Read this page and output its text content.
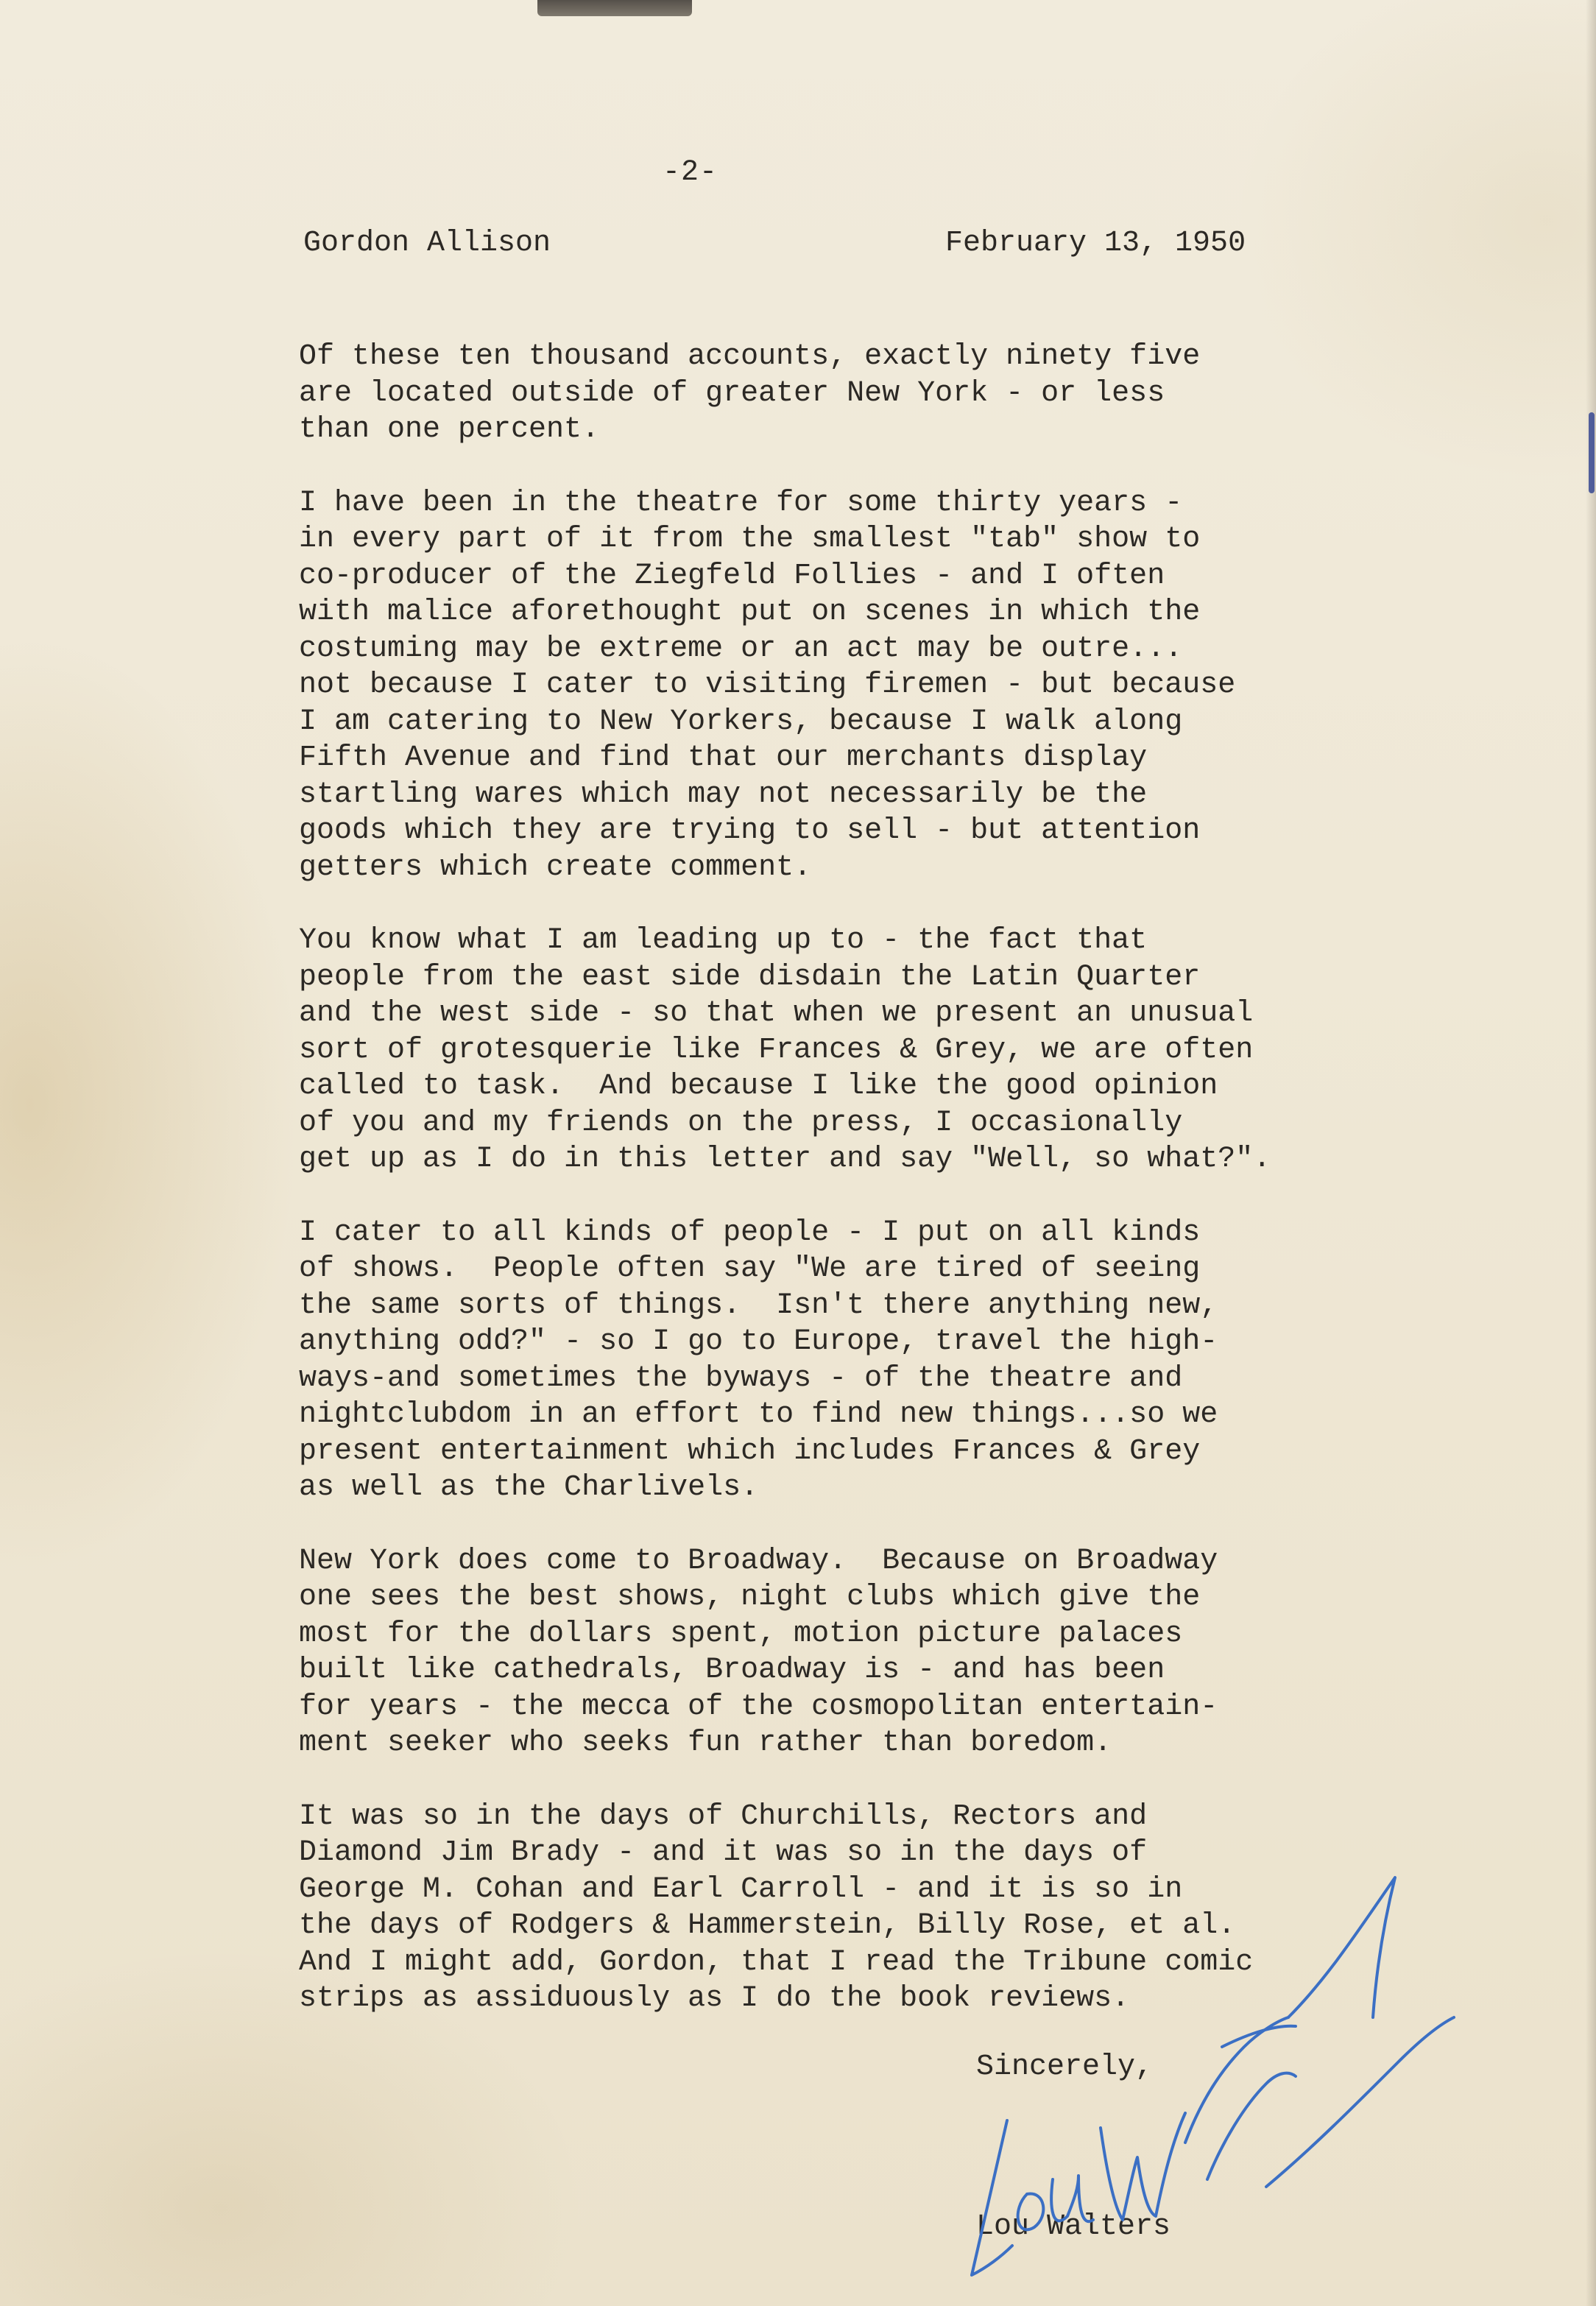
-2-
Gordon Allison	February 13, 1950
Of these ten thousand accounts, exactly ninety five
are located outside of greater New York - or less
than one percent.
I have been in the theatre for some thirty years -
in every part of it from the smallest "tab" show to
co-producer of the Ziegfeld Follies - and I often
with malice aforethought put on scenes in which the
costuming may be extreme or an act may be outre...
not because I cater to visiting firemen - but because
I am catering to New Yorkers, because I walk along
Fifth Avenue and find that our merchants display
startling wares which may not necessarily be the
goods which they are trying to sell - but attention
getters which create comment.
You know what I am leading up to - the fact that
people from the east side disdain the Latin Quarter
and the west side - so that when we present an unusual
sort of grotesquerie like Frances & Grey, we are often
called to task.  And because I like the good opinion
of you and my friends on the press, I occasionally
get up as I do in this letter and say "Well, so what?".
I cater to all kinds of people - I put on all kinds
of shows.  People often say "We are tired of seeing
the same sorts of things.  Isn't there anything new,
anything odd?" - so I go to Europe, travel the high-
ways-and sometimes the byways - of the theatre and
nightclubdom in an effort to find new things...so we
present entertainment which includes Frances & Grey
as well as the Charlivels.
New York does come to Broadway.  Because on Broadway
one sees the best shows, night clubs which give the
most for the dollars spent, motion picture palaces
built like cathedrals, Broadway is - and has been
for years - the mecca of the cosmopolitan entertain-
ment seeker who seeks fun rather than boredom.
It was so in the days of Churchills, Rectors and
Diamond Jim Brady - and it was so in the days of
George M. Cohan and Earl Carroll - and it is so in
the days of Rodgers & Hammerstein, Billy Rose, et al.
And I might add, Gordon, that I read the Tribune comic
strips as assiduously as I do the book reviews.
Sincerely,
Lou Walters
